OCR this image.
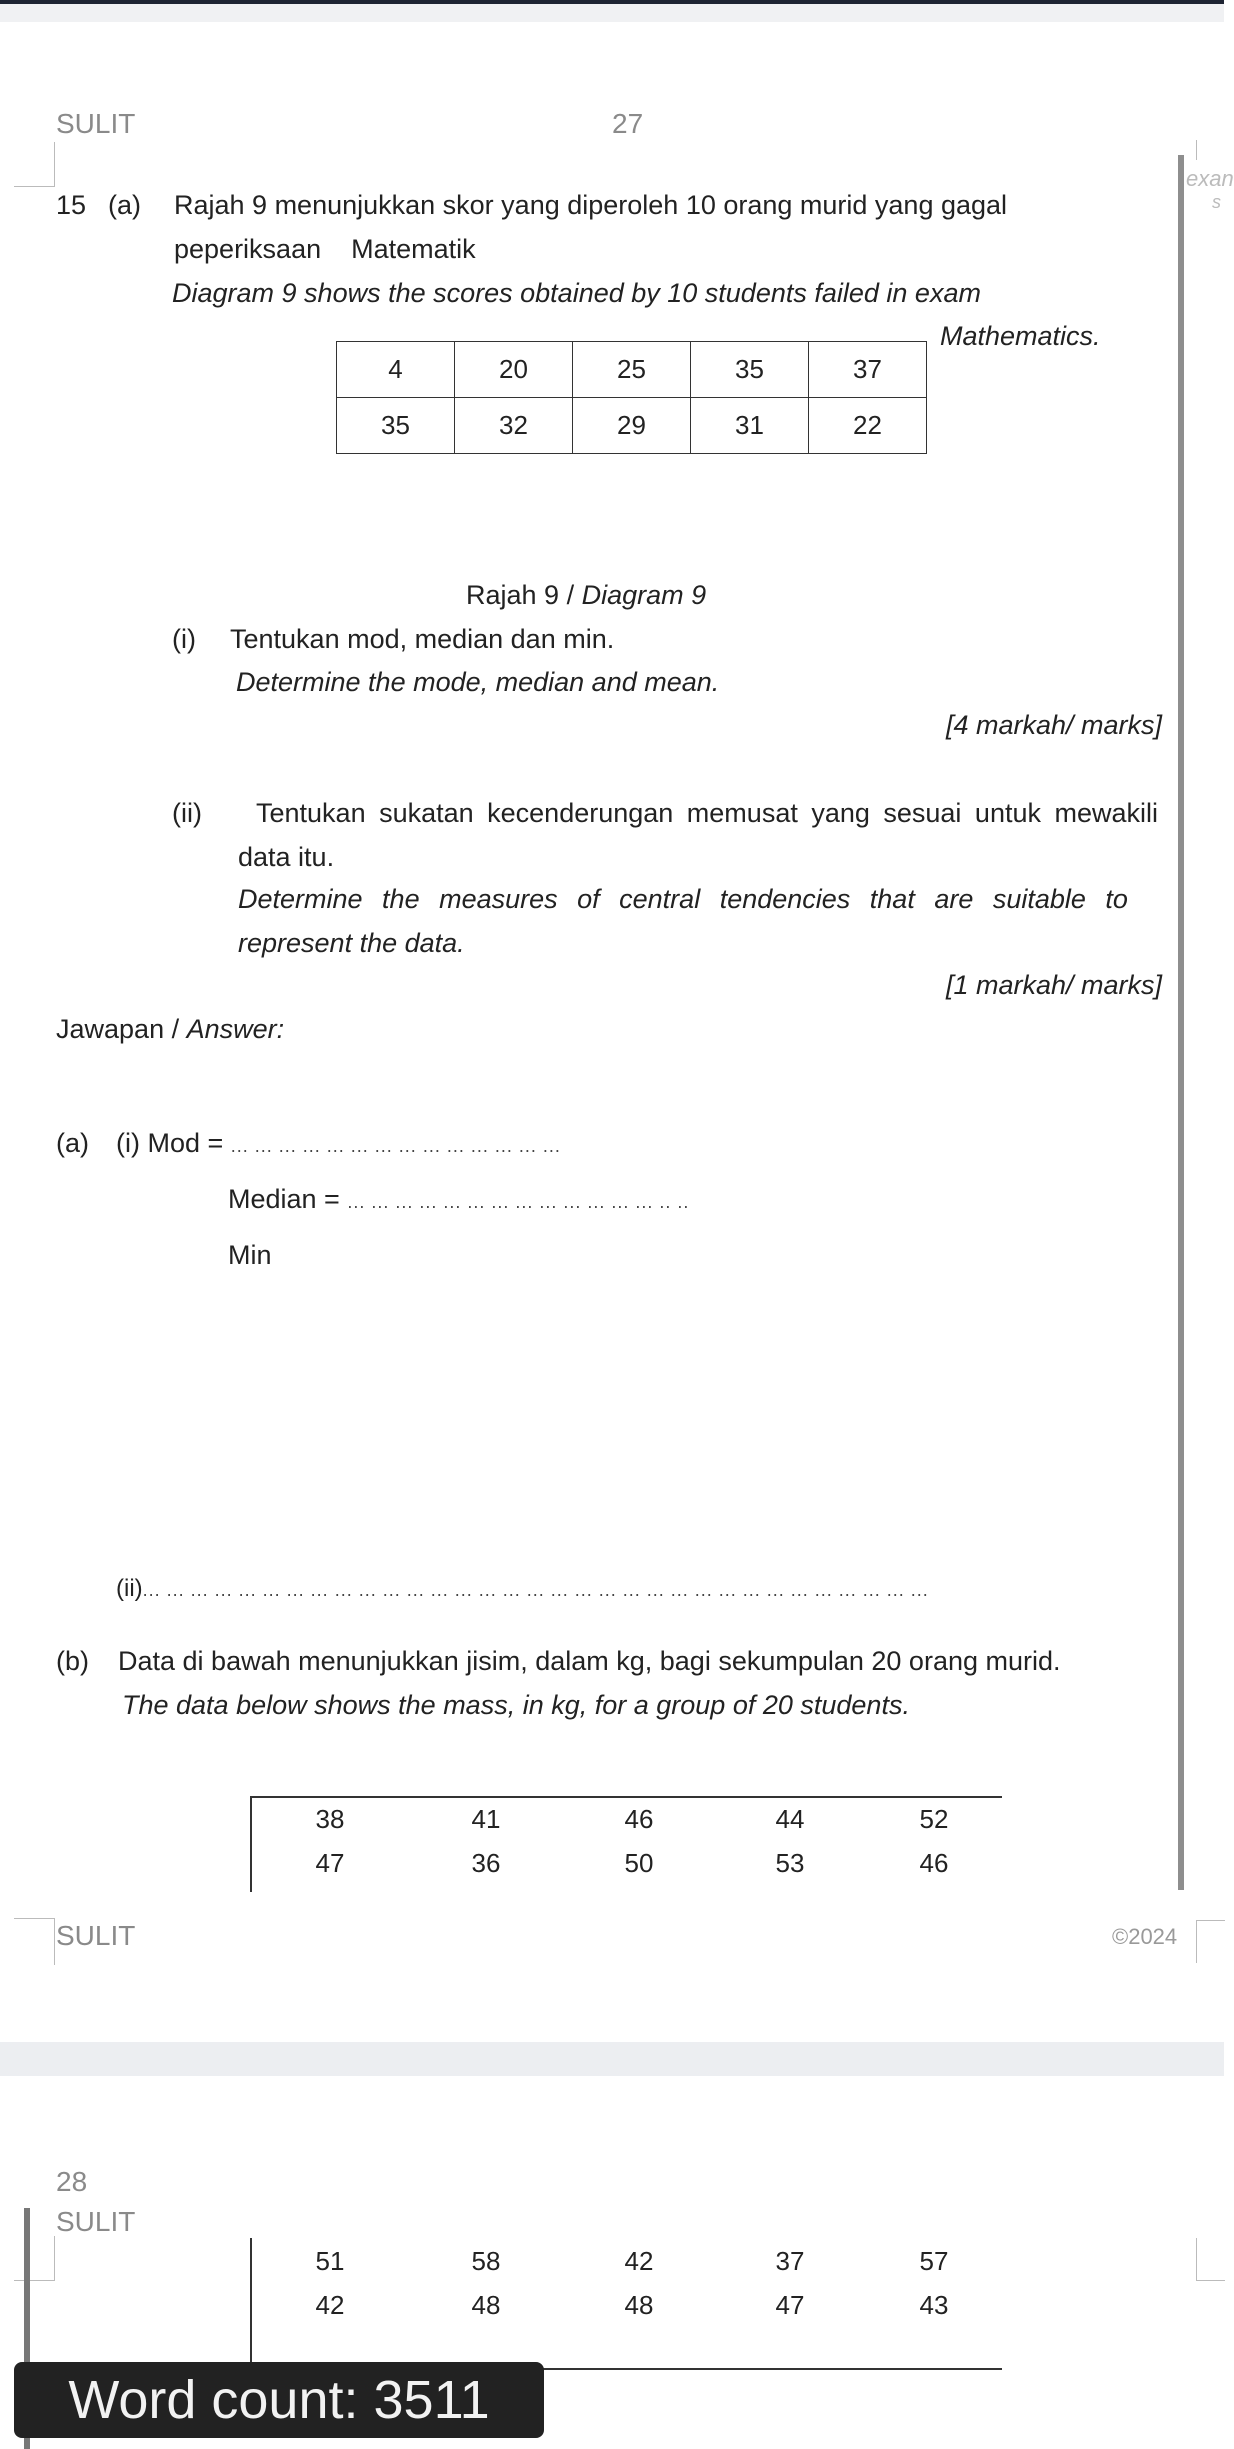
SULIT	27
exan
s
15 (a) Rajah 9 menunjukkan skor yang diperoleh 10 orang murid yang gagal
peperiksaan    Matematik
Diagram 9 shows the scores obtained by 10 students failed in exam
Mathematics.
4	20	25	35	37
35	32	29	31	22
Rajah 9 / Diagram 9
(i) Tentukan mod, median dan min.
Determine the mode, median and mean.
[4 markah/ marks]
(ii) Tentukan sukatan kecenderungan memusat yang sesuai untuk mewakili
data itu.
Determine the measures of central tendencies that are suitable to
represent the data.
[1 markah/ marks]
Jawapan / Answer:
(a) (i) Mod = ... ... ... ... ... ... ... ... ... ... ... ... ... ...
Median = ... ... ... ... ... ... ... ... ... ... ... ... ... .. ..
Min
(ii)... ... ... ... ... ... ... ... ... ... ... ... ... ... ... ... ... ... ... ... ... ... ... ... ... ... ... ... ... ... ... ... ...
(b) Data di bawah menunjukkan jisim, dalam kg, bagi sekumpulan 20 orang murid.
The data below shows the mass, in kg, for a group of 20 students.
38	41	46	44	52
47	36	50	53	46
SULIT	©2024
28
SULIT
51	58	42	37	57
42	48	48	47	43
Word count: 3511
